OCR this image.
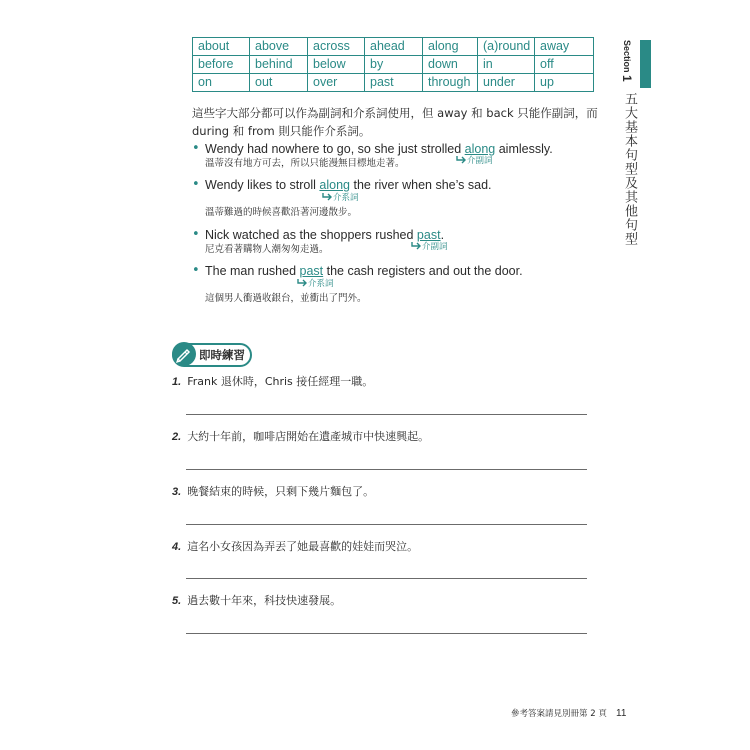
about	above	across	ahead	along	(a)round	away
before	behind	below	by	down	in	off
on	out	over	past	through	under	up
這些字大部分都可以作為副詞和介系詞使用，但 away 和 back 只能作副詞，而 during 和 from 則只能作介系詞。
• Wendy had nowhere to go, so she just strolled along aimlessly.
溫蒂沒有地方可去，所以只能漫無目標地走著。	介副詞
• Wendy likes to stroll along the river when she’s sad.
溫蒂難過的時候喜歡沿著河邊散步。
介系詞
• Nick watched as the shoppers rushed past.
尼克看著購物人潮匆匆走過。	介副詞
• The man rushed past the cash registers and out the door.
這個男人衝過收銀台，並衝出了門外。
介系詞
即時練習
1. Frank 退休時，Chris 接任經理一職。
2. 大約十年前，咖啡店開始在遺產城市中快速興起。
3. 晚餐結束的時候，只剩下幾片麵包了。
4. 這名小女孩因為弄丟了她最喜歡的娃娃而哭泣。
5. 過去數十年來，科技快速發展。
Section 1
五大基本句型及其他句型
參考答案請見別冊第 2 頁 11
